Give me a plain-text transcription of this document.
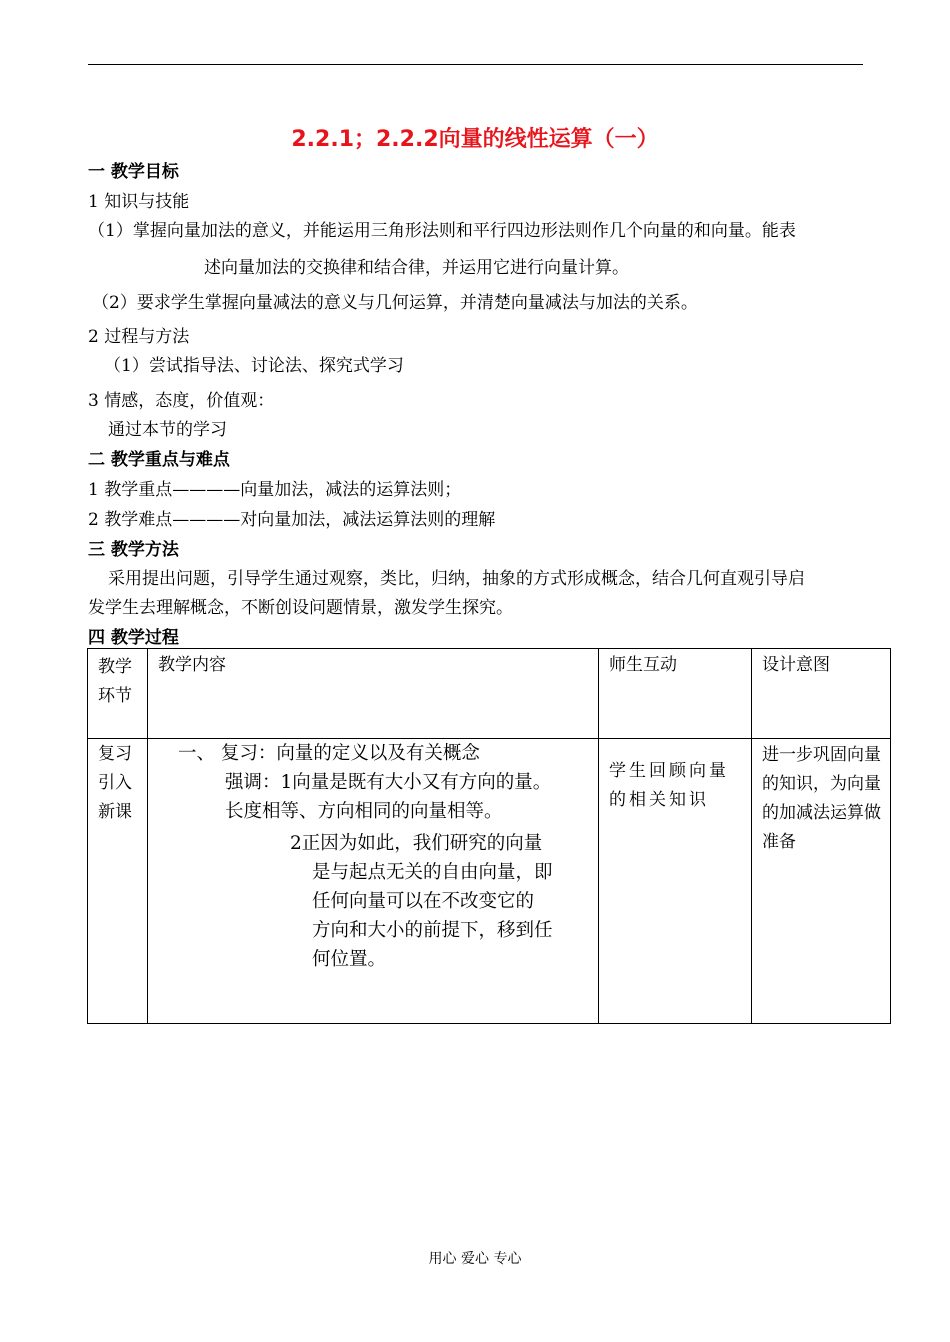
2.2.1；2.2.2向量的线性运算（一）
一 教学目标
1 知识与技能
（1）掌握向量加法的意义，并能运用三角形法则和平行四边形法则作几个向量的和向量。能表
述向量加法的交换律和结合律，并运用它进行向量计算。
（2）要求学生掌握向量减法的意义与几何运算，并清楚向量减法与加法的关系。
2 过程与方法
（1）尝试指导法、讨论法、探究式学习
3 情感，态度，价值观：
通过本节的学习
二 教学重点与难点
1 教学重点————向量加法，减法的运算法则；
2 教学难点————对向量加法，减法运算法则的理解
三 教学方法
采用提出问题，引导学生通过观察，类比，归纳，抽象的方式形成概念，结合几何直观引导启
发学生去理解概念，不断创设问题情景，激发学生探究。
四 教学过程
教学
环节
教学内容	师生互动	设计意图
复习
引入
新课
一、 复习：向量的定义以及有关概念
强调：1向量是既有大小又有方向的量。
长度相等、方向相同的向量相等。
2正因为如此，我们研究的向量
是与起点无关的自由向量，即
任何向量可以在不改变它的
方向和大小的前提下，移到任
何位置。
学生回顾向量的相关知识
进一步巩固向量的知识，为向量的加减法运算做准备
用心 爱心 专心
